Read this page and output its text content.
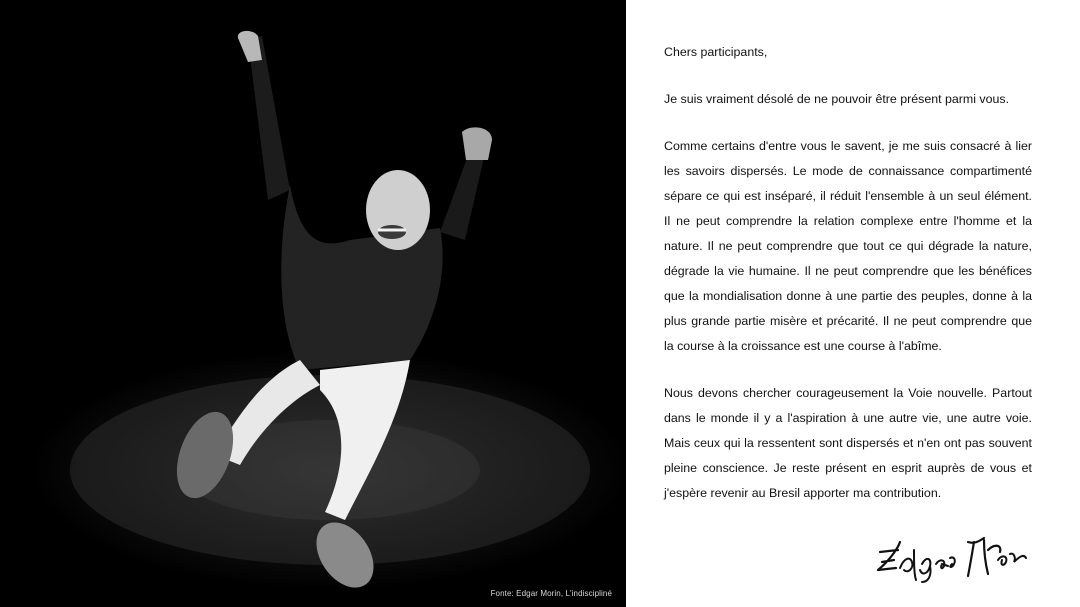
Fonte: Edgar Morin, L'indiscipliné

Chers participants,

Je suis vraiment désolé de ne pouvoir être présent parmi vous.

Comme certains d'entre vous le savent, je me suis consacré à lier les savoirs dispersés. Le mode de connaissance compartimenté sépare ce qui est inséparé, il réduit l'ensemble à un seul élément. Il ne peut comprendre la relation complexe entre l'homme et la nature. Il ne peut comprendre que tout ce qui dégrade la nature, dégrade la vie humaine. Il ne peut comprendre que les bénéfices que la mondialisation donne à une partie des peuples, donne à la plus grande partie misère et précarité. Il ne peut comprendre que la course à la croissance est une course à l'abîme.

Nous devons chercher courageusement la Voie nouvelle. Partout dans le monde il y a l'aspiration à une autre vie, une autre voie. Mais ceux qui la ressentent sont dispersés et n'en ont pas souvent pleine conscience. Je reste présent en esprit auprès de vous et j'espère revenir au Bresil apporter ma contribution.
